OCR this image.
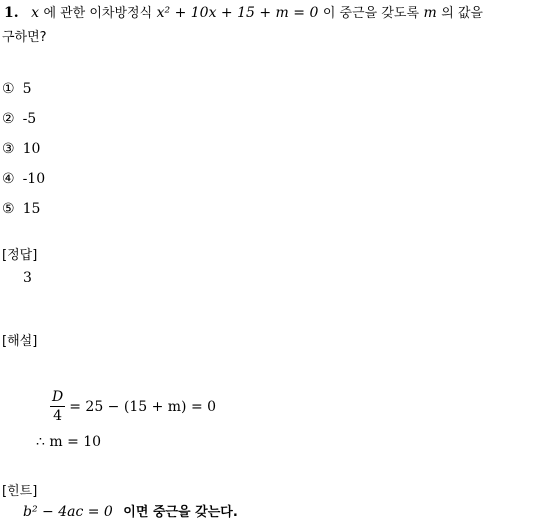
1. x 에 관한 이차방정식 x² + 10x + 15 + m = 0 이 중근을 갖도록 m 의 값을
구하면?
① 5
② -5
③ 10
④ -10
⑤ 15
[정답]
3
[해설]
$\frac{D}{4} = 25 - (15 + m) = 0$
∴ m = 10
[힌트]
b² − 4ac = 0 이면 중근을 갖는다.
